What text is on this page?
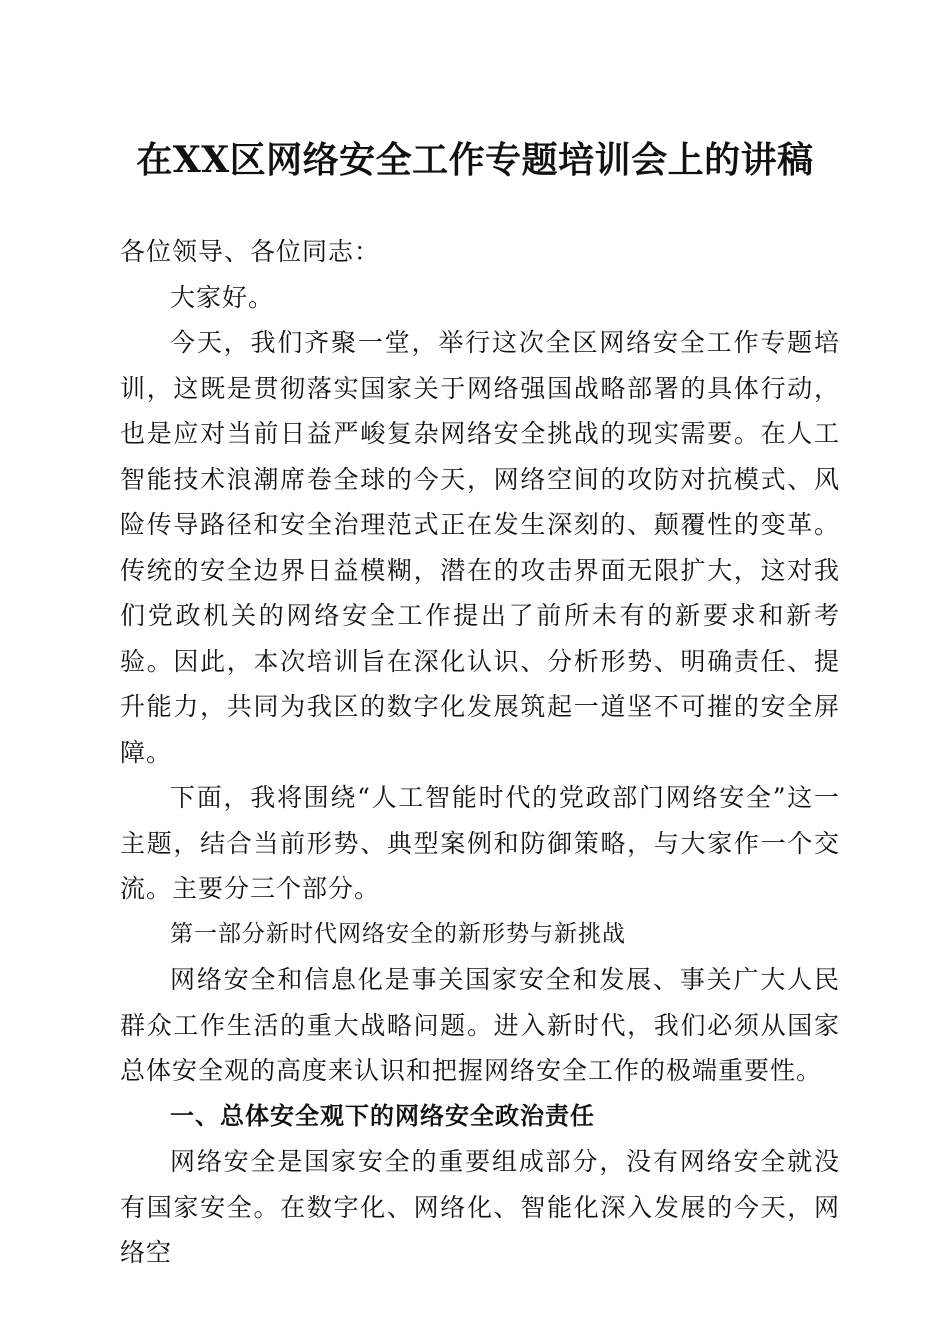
在XX区网络安全工作专题培训会上的讲稿

各位领导、各位同志：

大家好。

今天，我们齐聚一堂，举行这次全区网络安全工作专题培训，这既是贯彻落实国家关于网络强国战略部署的具体行动，也是应对当前日益严峻复杂网络安全挑战的现实需要。在人工智能技术浪潮席卷全球的今天，网络空间的攻防对抗模式、风险传导路径和安全治理范式正在发生深刻的、颠覆性的变革。传统的安全边界日益模糊，潜在的攻击界面无限扩大，这对我们党政机关的网络安全工作提出了前所未有的新要求和新考验。因此，本次培训旨在深化认识、分析形势、明确责任、提升能力，共同为我区的数字化发展筑起一道坚不可摧的安全屏障。

下面，我将围绕“人工智能时代的党政部门网络安全”这一主题，结合当前形势、典型案例和防御策略，与大家作一个交流。主要分三个部分。

第一部分新时代网络安全的新形势与新挑战

网络安全和信息化是事关国家安全和发展、事关广大人民群众工作生活的重大战略问题。进入新时代，我们必须从国家总体安全观的高度来认识和把握网络安全工作的极端重要性。

一、总体安全观下的网络安全政治责任

网络安全是国家安全的重要组成部分，没有网络安全就没有国家安全。在数字化、网络化、智能化深入发展的今天，网络空
